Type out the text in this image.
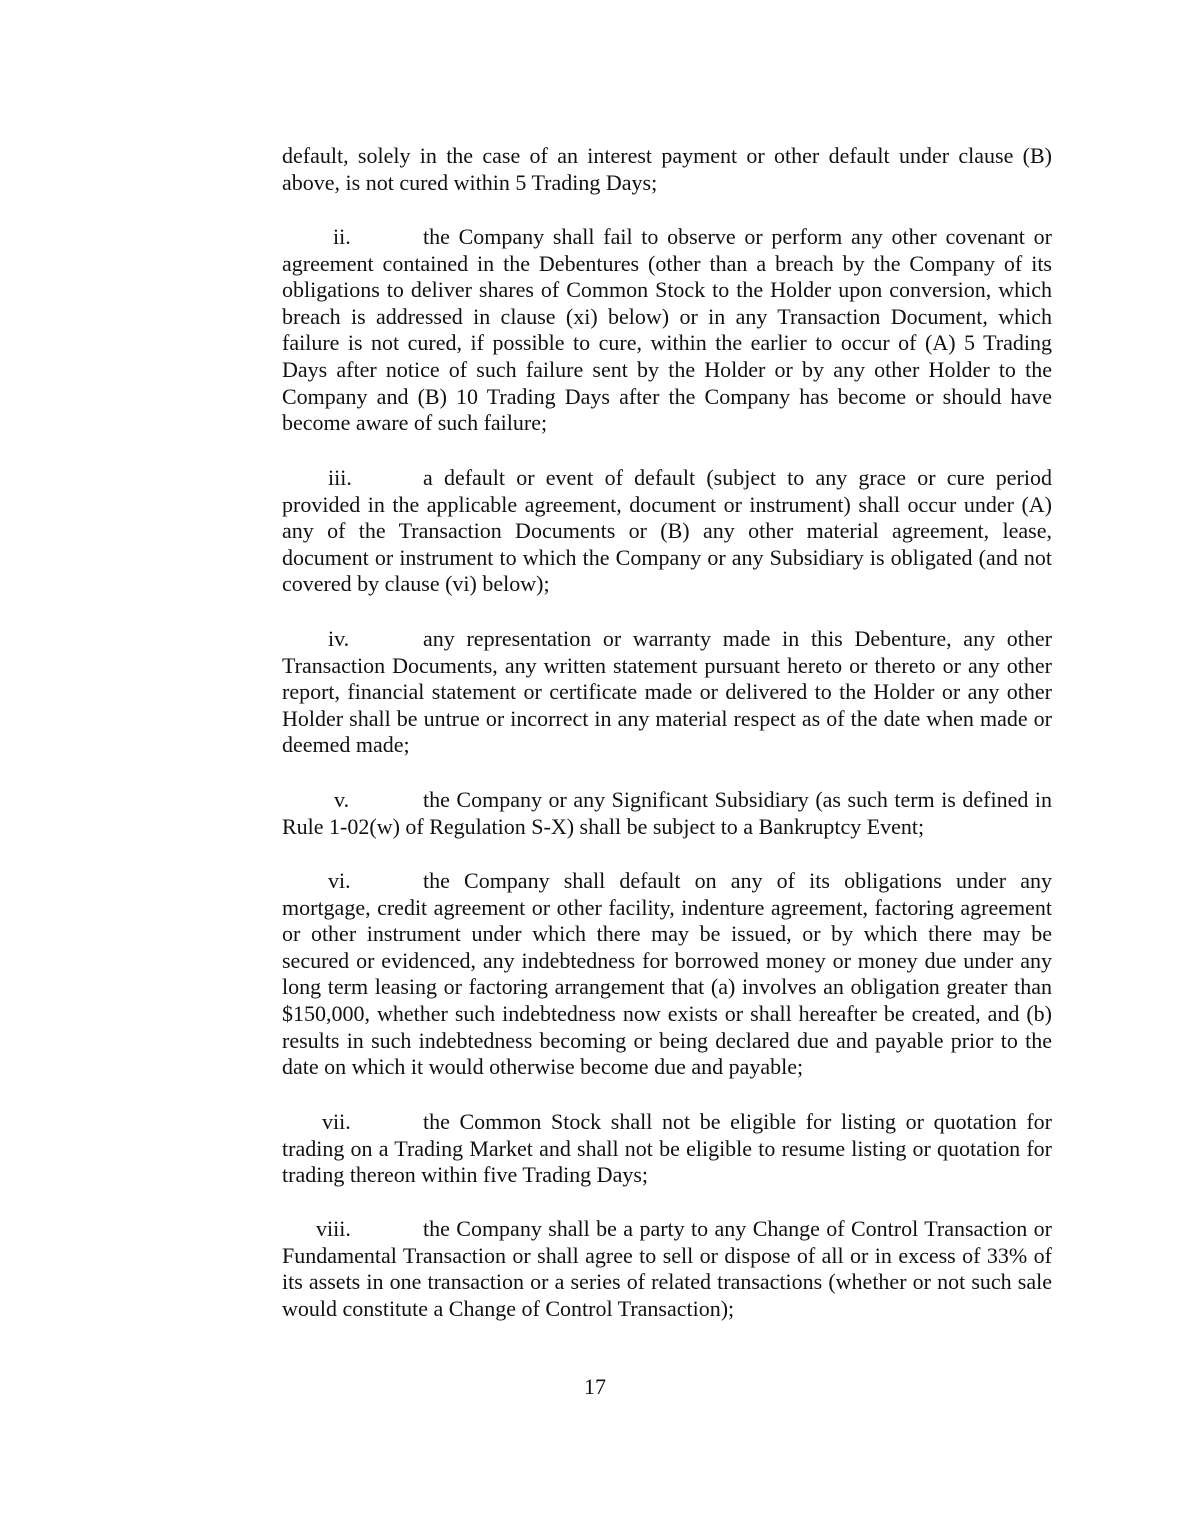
default, solely in the case of an interest payment or other default under clause (B) above, is not cured within 5 Trading Days;

ii.	the Company shall fail to observe or perform any other covenant or agreement contained in the Debentures (other than a breach by the Company of its obligations to deliver shares of Common Stock to the Holder upon conversion, which breach is addressed in clause (xi) below) or in any Transaction Document, which failure is not cured, if possible to cure, within the earlier to occur of (A) 5 Trading Days after notice of such failure sent by the Holder or by any other Holder to the Company and (B) 10 Trading Days after the Company has become or should have become aware of such failure;

iii.	a default or event of default (subject to any grace or cure period provided in the applicable agreement, document or instrument) shall occur under (A) any of the Transaction Documents or (B) any other material agreement, lease, document or instrument to which the Company or any Subsidiary is obligated (and not covered by clause (vi) below);

iv.	any representation or warranty made in this Debenture, any other Transaction Documents, any written statement pursuant hereto or thereto or any other report, financial statement or certificate made or delivered to the Holder or any other Holder shall be untrue or incorrect in any material respect as of the date when made or deemed made;

v.	the Company or any Significant Subsidiary (as such term is defined in Rule 1-02(w) of Regulation S-X) shall be subject to a Bankruptcy Event;

vi.	the Company shall default on any of its obligations under any mortgage, credit agreement or other facility, indenture agreement, factoring agreement or other instrument under which there may be issued, or by which there may be secured or evidenced, any indebtedness for borrowed money or money due under any long term leasing or factoring arrangement that (a) involves an obligation greater than $150,000, whether such indebtedness now exists or shall hereafter be created, and (b) results in such indebtedness becoming or being declared due and payable prior to the date on which it would otherwise become due and payable;

vii.	the Common Stock shall not be eligible for listing or quotation for trading on a Trading Market and shall not be eligible to resume listing or quotation for trading thereon within five Trading Days;

viii.	the Company shall be a party to any Change of Control Transaction or Fundamental Transaction or shall agree to sell or dispose of all or in excess of 33% of its assets in one transaction or a series of related transactions (whether or not such sale would constitute a Change of Control Transaction);

17
